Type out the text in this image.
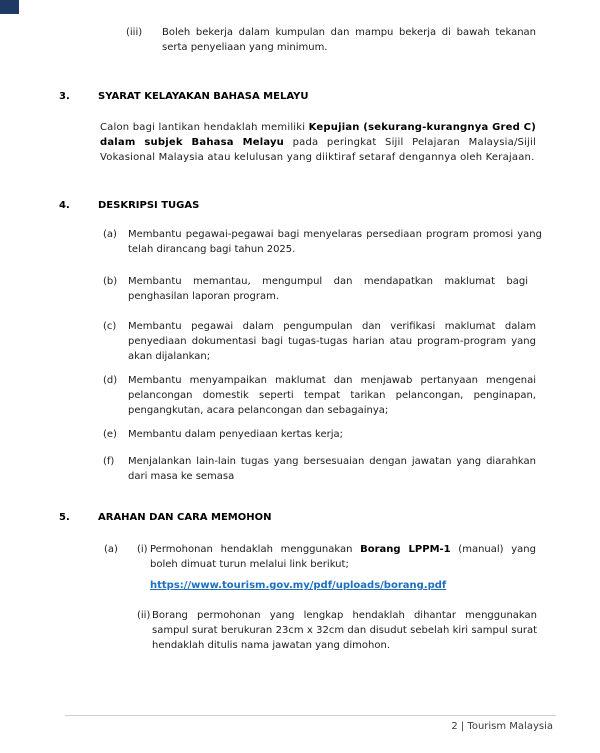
(iii)	Boleh bekerja dalam kumpulan dan mampu bekerja di bawah tekanan serta penyeliaan yang minimum.
3.	SYARAT KELAYAKAN BAHASA MELAYU
Calon bagi lantikan hendaklah memiliki Kepujian (sekurang-kurangnya Gred C) dalam subjek Bahasa Melayu pada peringkat Sijil Pelajaran Malaysia/Sijil Vokasional Malaysia atau kelulusan yang diiktiraf setaraf dengannya oleh Kerajaan.
4.	DESKRIPSI TUGAS
(a)	Membantu pegawai-pegawai bagi menyelaras persediaan program promosi yang telah dirancang bagi tahun 2025.
(b)	Membantu memantau, mengumpul dan mendapatkan maklumat bagi penghasilan laporan program.
(c)	Membantu pegawai dalam pengumpulan dan verifikasi maklumat dalam penyediaan dokumentasi bagi tugas-tugas harian atau program-program yang akan dijalankan;
(d)	Membantu menyampaikan maklumat dan menjawab pertanyaan mengenai pelancongan domestik seperti tempat tarikan pelancongan, penginapan, pengangkutan, acara pelancongan dan sebagainya;
(e)	Membantu dalam penyediaan kertas kerja;
(f)	Menjalankan lain-lain tugas yang bersesuaian dengan jawatan yang diarahkan dari masa ke semasa
5.	ARAHAN DAN CARA MEMOHON
(a)	(i) Permohonan hendaklah menggunakan Borang LPPM-1 (manual) yang boleh dimuat turun melalui link berikut;
https://www.tourism.gov.my/pdf/uploads/borang.pdf
(ii) Borang permohonan yang lengkap hendaklah dihantar menggunakan sampul surat berukuran 23cm x 32cm dan disudut sebelah kiri sampul surat hendaklah ditulis nama jawatan yang dimohon.
2 | Tourism Malaysia
